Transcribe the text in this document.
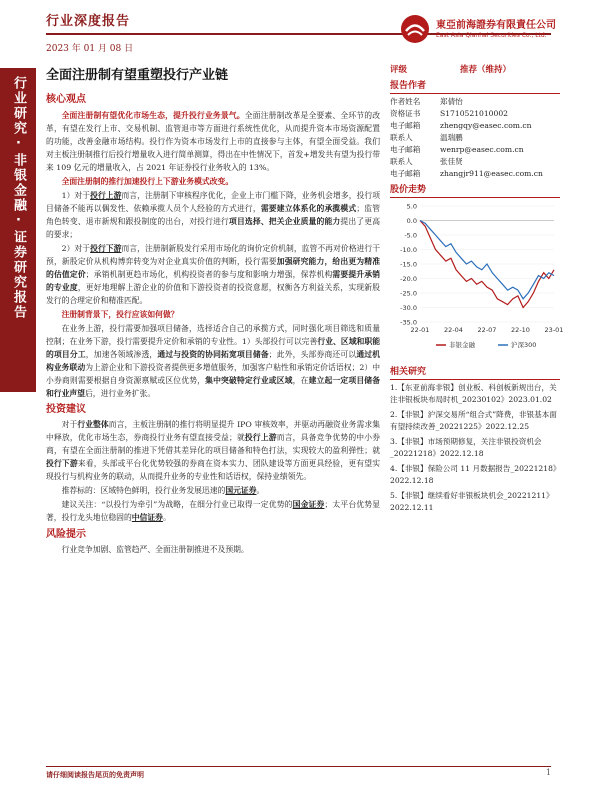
行业深度报告
2023 年 01 月 08 日
東亞前海證券有限責任公司
East Asia Qianhai Securities Co., Ltd.
行业研究·非银金融·证券研究报告
全面注册制有望重塑投行产业链
核心观点

全面注册制有望优化市场生态，提升投行业务景气。全面注册制改革是全要素、全环节的改革，有望在发行上市、交易机制、监管退市等方面进行系统性优化，从而提升资本市场资源配置的功能，改善金融市场结构。投行作为资本市场发行上市的直接参与主体，有望全面受益。我们对主板注册制推行后投行增量收入进行简单测算，得出在中性情况下，首发+增发共有望为投行带来 109 亿元的增量收入，占 2021 年证券投行业务收入的 13%。

全面注册制的推行加速投行上下游业务模式改变。

1）对于投行上游而言，注册制下审核程序优化，企业上市门槛下降，业务机会增多，投行项目储备不能再以偶发性、依赖承揽人员个人经验的方式进行，需要建立体系化的承揽模式；监管角色转变、退市新规和跟投制度的出台，对投行进行项目选择、把关企业质量的能力提出了更高的要求；

2）对于投行下游而言，注册制新股发行采用市场化的询价定价机制，监管不再对价格进行干预，新股定价从机构博弈转变为对企业真实价值的判断，投行需要加强研究能力，给出更为精准的估值定价；承销机制更趋市场化，机构投资者的参与度和影响力增强，保荐机构需要提升承销的专业度，更好地理解上游企业的价值和下游投资者的投资意愿，权衡各方利益关系，实现新股发行的合理定价和精准匹配。

注册制背景下，投行应该如何做？

在业务上游，投行需要加强项目储备，选择适合自己的承揽方式，同时强化项目筛选和质量控制；在业务下游，投行需要提升定价和承销的专业性。1）头部投行可以完善行业、区域和职能的项目分工，加速各领域渗透，通过与投资的协同拓宽项目储备；此外，头部券商还可以通过机构业务联动为上游企业和下游投资者提供更多增值服务，加强客户粘性和承销定价话语权；2）中小券商则需要根据自身资源禀赋或区位优势，集中突破特定行业或区域，在建立起一定项目储备和行业声望后，进行业务扩张。

投资建议

对于行业整体而言，主板注册制的推行将明显提升 IPO 审核效率，并驱动再融资业务需求集中释放，优化市场生态，券商投行业务有望直接受益；就投行上游而言，具备竞争优势的中小券商，有望在全面注册制的推进下凭借其差异化的项目储备和特色打法，实现较大的盈利弹性；就投行下游来看，头部或平台化优势较强的券商在资本实力、团队建设等方面更具经验，更有望实现投行与机构业务的联动，从而提升业务的专业性和话语权，保持业绩领先。

推荐标的：区域特色鲜明，投行业务发展迅速的国元证券。

建议关注：“以投行为牵引”为战略，在细分行业已取得一定优势的国金证券；太平台优势显著，投行龙头地位稳固的中信证券。

风险提示

行业竞争加剧、监管趋严、全面注册制推进不及预期。

评级	推荐（维持）
报告作者
作者姓名	郑倩怡
资格证书	S1710521010002
电子邮箱	zhengqy@easec.com.cn
联系人	温瑞鹏
电子邮箱	wenrp@easec.com.cn
联系人	张佳贤
电子邮箱	zhangjr911@easec.com.cn
股价走势
5.0
0.0
-5.0
-10.0
-15.0
-20.0
-25.0
-30.0
-35.0
22-01 22-04 22-07 22-10 23-01
非银金融	沪深300
相关研究
1.【东亚前海非银】创业板、科创板新规出台，关注非银板块布局时机_20230102》2023.01.02
2.【非银】沪深交易所“组合式”降费，非银基本面有望持续改善_20221225》2022.12.25
3.【非银】市场预期修复，关注非银投资机会_20221218》2022.12.18
4.【非银】保险公司 11 月数据报告_20221218》2022.12.18
5.【非银】继续看好非银板块机会_20221211》2022.12.11
请仔细阅读报告尾页的免责声明	1
